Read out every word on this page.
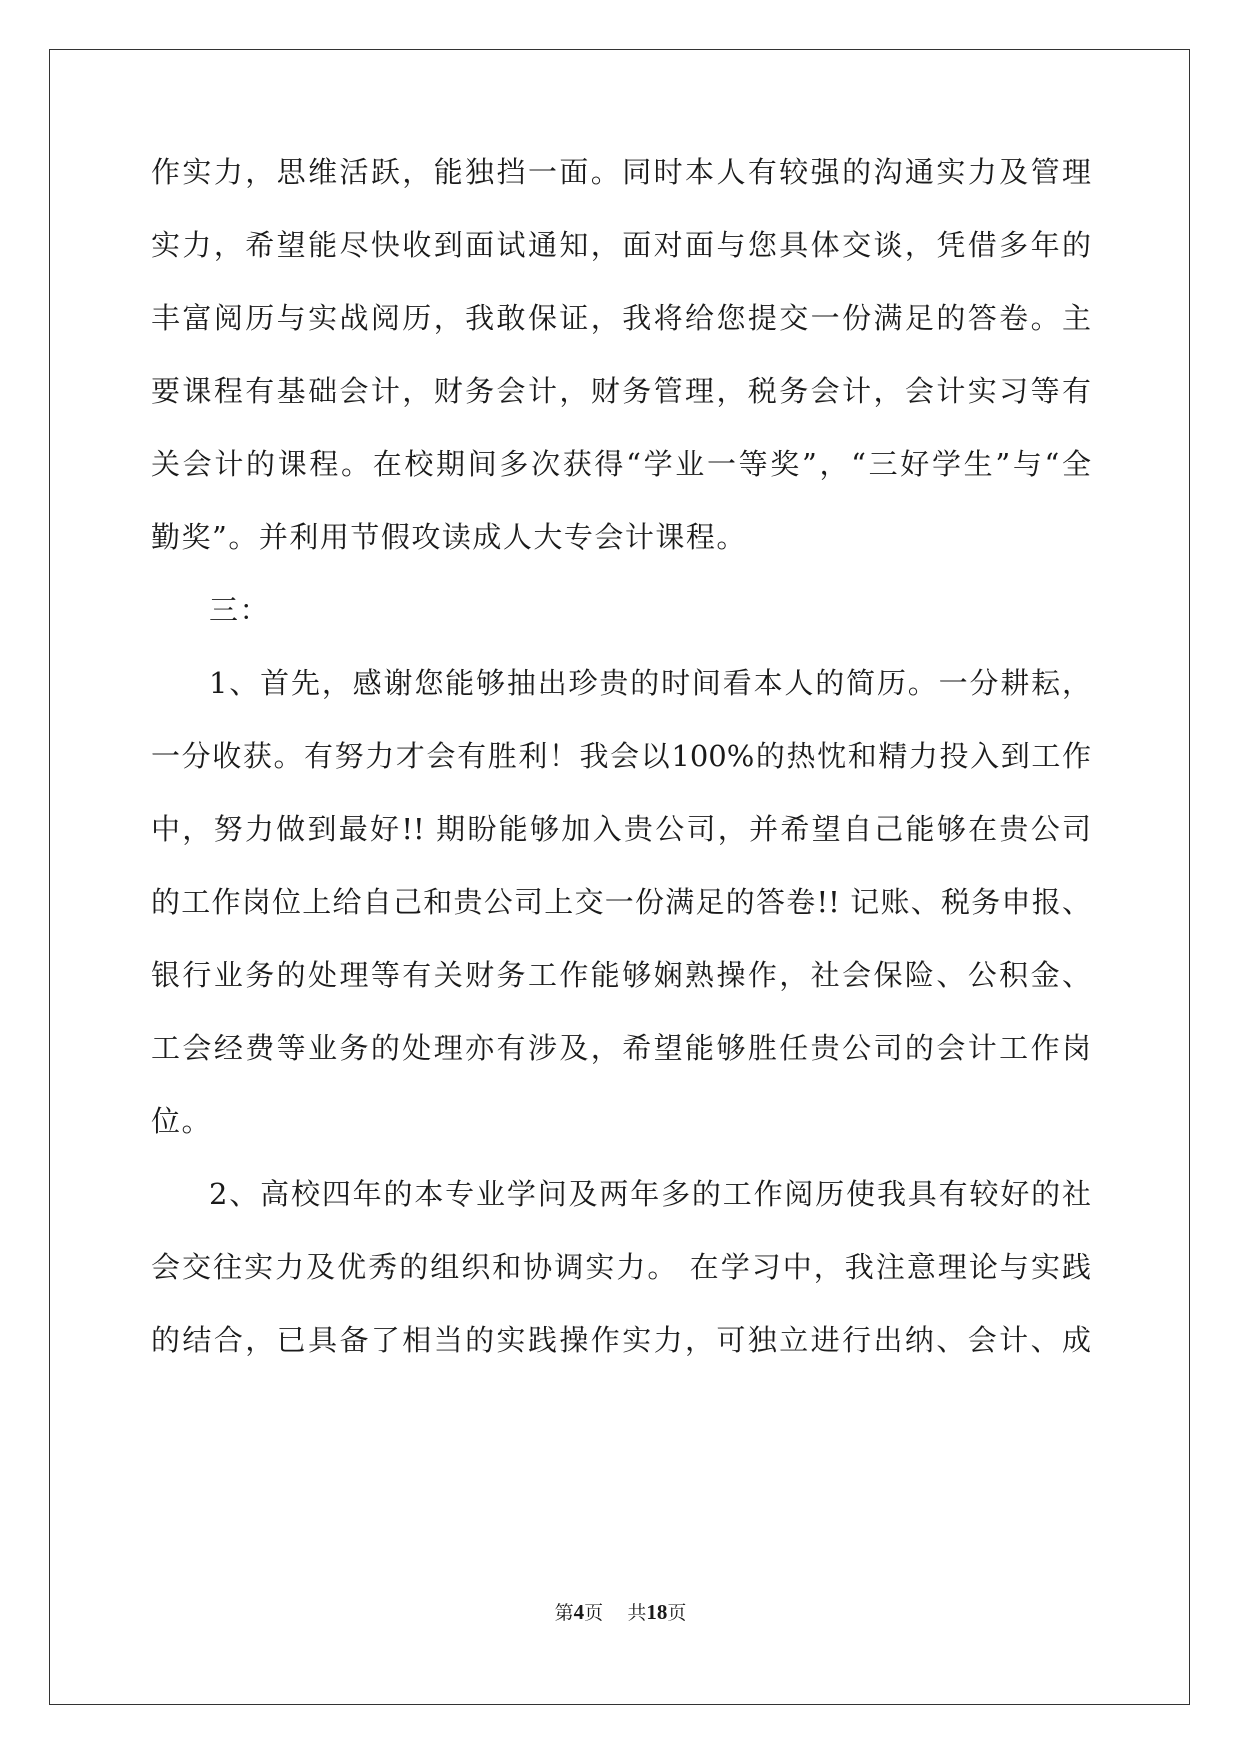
作实力，思维活跃，能独挡一面。同时本人有较强的沟通实力及管理
实力，希望能尽快收到面试通知，面对面与您具体交谈，凭借多年的
丰富阅历与实战阅历，我敢保证，我将给您提交一份满足的答卷。主
要课程有基础会计，财务会计，财务管理，税务会计，会计实习等有
关会计的课程。在校期间多次获得“学业一等奖”，“三好学生”与“全
勤奖”。并利用节假攻读成人大专会计课程。
三：
1、首先，感谢您能够抽出珍贵的时间看本人的简历。一分耕耘，
一分收获。有努力才会有胜利！我会以100%的热忱和精力投入到工作
中，努力做到最好!! 期盼能够加入贵公司，并希望自己能够在贵公司
的工作岗位上给自己和贵公司上交一份满足的答卷!! 记账、税务申报、
银行业务的处理等有关财务工作能够娴熟操作，社会保险、公积金、
工会经费等业务的处理亦有涉及，希望能够胜任贵公司的会计工作岗
位。
2、高校四年的本专业学问及两年多的工作阅历使我具有较好的社
会交往实力及优秀的组织和协调实力。 在学习中，我注意理论与实践
的结合，已具备了相当的实践操作实力，可独立进行出纳、会计、成
第4页 共18页
